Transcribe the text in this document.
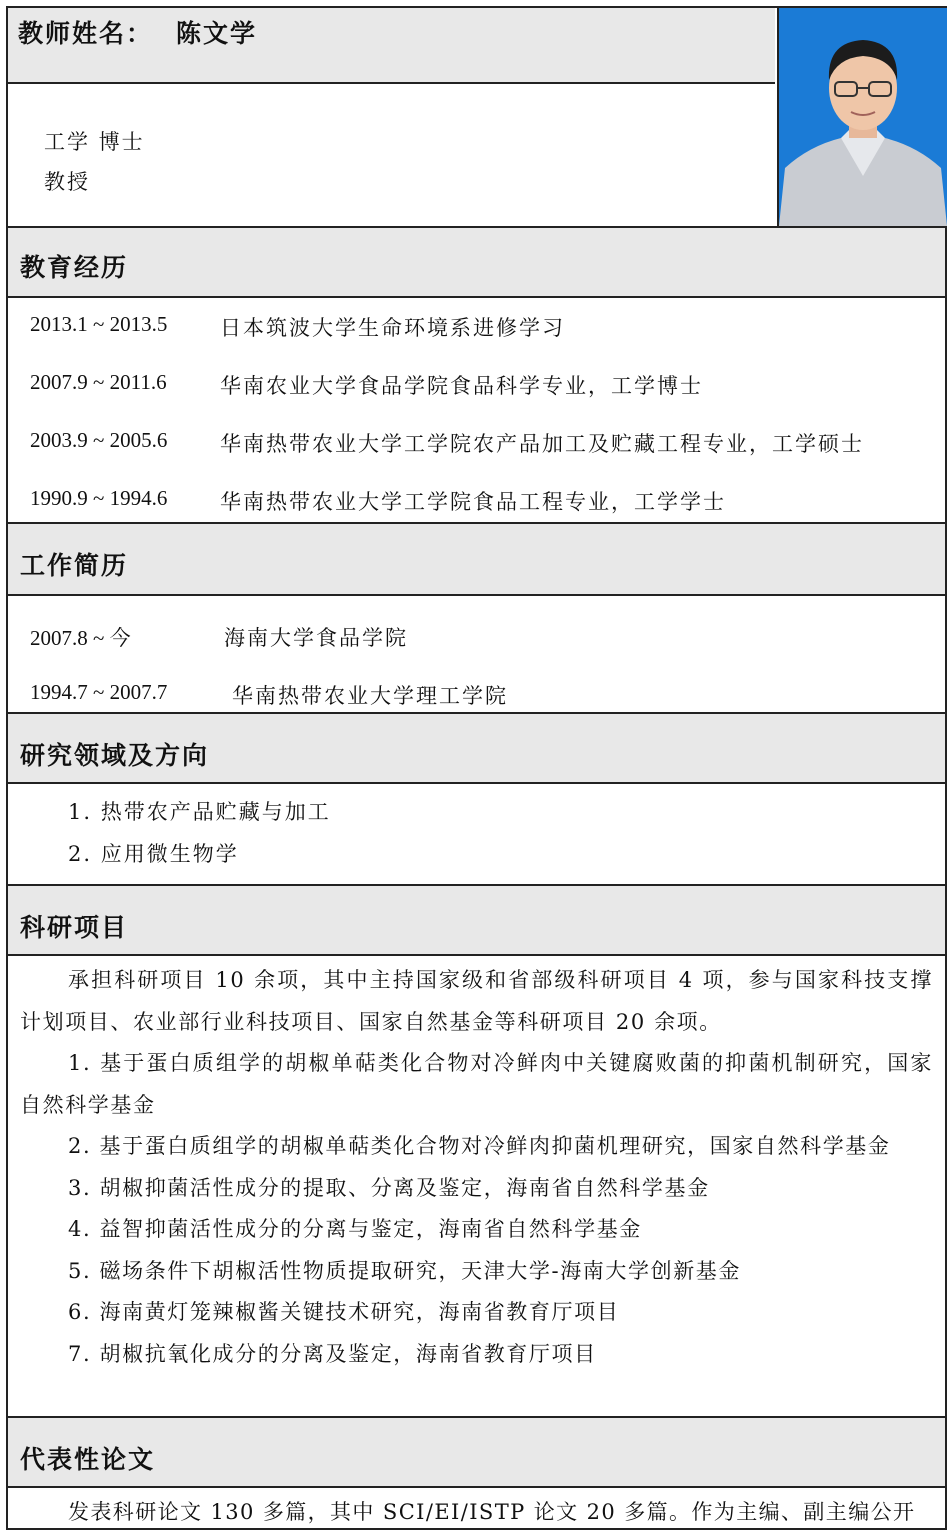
教师姓名： 陈文学
工学 博士
教授
教育经历
2013.1 ~ 2013.5	日本筑波大学生命环境系进修学习
2007.9 ~ 2011.6	华南农业大学食品学院食品科学专业，工学博士
2003.9 ~ 2005.6	华南热带农业大学工学院农产品加工及贮藏工程专业，工学硕士
1990.9 ~ 1994.6	华南热带农业大学工学院食品工程专业，工学学士
工作简历
2007.8 ~ 今	海南大学食品学院
1994.7 ~ 2007.7	华南热带农业大学理工学院
研究领域及方向
1. 热带农产品贮藏与加工
2. 应用微生物学
科研项目

承担科研项目 10 余项，其中主持国家级和省部级科研项目 4 项，参与国家科技支撑计划项目、农业部行业科技项目、国家自然基金等科研项目 20 余项。

1. 基于蛋白质组学的胡椒单萜类化合物对冷鲜肉中关键腐败菌的抑菌机制研究，国家自然科学基金

2. 基于蛋白质组学的胡椒单萜类化合物对冷鲜肉抑菌机理研究，国家自然科学基金

3. 胡椒抑菌活性成分的提取、分离及鉴定，海南省自然科学基金

4. 益智抑菌活性成分的分离与鉴定，海南省自然科学基金

5. 磁场条件下胡椒活性物质提取研究，天津大学-海南大学创新基金

6. 海南黄灯笼辣椒酱关键技术研究，海南省教育厅项目

7. 胡椒抗氧化成分的分离及鉴定，海南省教育厅项目

代表性论文
发表科研论文 130 多篇，其中 SCI/EI/ISTP 论文 20 多篇。作为主编、副主编公开
